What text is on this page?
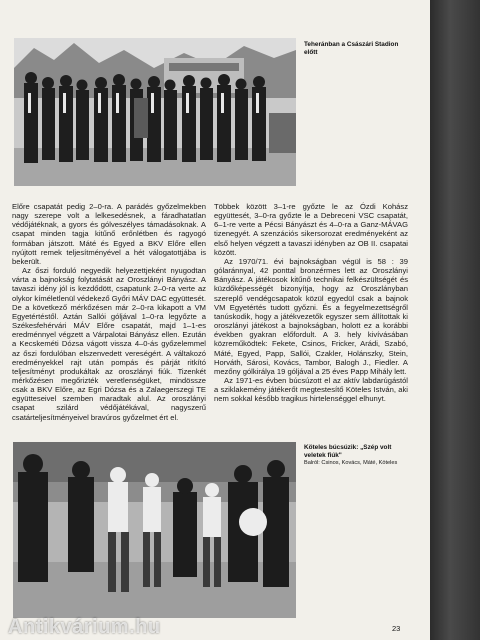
Teheránban a Császári Stadion előtt

Előre csapatát pedig 2–0-ra. A parádés győzelmekben nagy szerepe volt a lelkesedésnek, a fáradhatatlan védőjátéknak, a gyors és gólveszélyes támadásoknak. A csapat minden tagja kitűnő erőnlétben és ragyogó formában játszott. Máté és Egyed a BKV Előre ellen nyújtott remek teljesítményével a hét válogatottjába is bekerült.

Az őszi forduló negyedik helyezettjeként nyugodtan várta a bajnokság folytatását az Oroszlányi Bányász. A tavaszi idény jól is kezdődött, csapatunk 2–0-ra verte az olykor kíméletlenül védekező Győri MÁV DAC együttesét. De a következő mérkőzésen már 2–0-ra kikapott a VM Egyetértéstől. Aztán Sallói góljával 1–0-ra legyőzte a Székesfehérvári MÁV Előre csapatát, majd 1–1-es eredménnyel végzett a Várpalotai Bányász ellen. Ezután a Kecskeméti Dózsa vágott vissza 4–0-ás győzelemmel az őszi fordulóban elszenvedett vereségért. A váltakozó eredményekkel rajt után pompás és párját ritkító teljesítményt produkáltak az oroszlányi fiúk. Tizenkét mérkőzésen megőrizték veretlenségüket, mindössze csak a BKV Előre, az Egri Dózsa és a Zalaegerszegi TE együtteseivel szemben maradtak alul. Az oroszlányi csapat szilárd védőjátékával, nagyszerű csatárteljesítményeivel bravúros győzelmet ért el.

Többek között 3–1-re győzte le az Ózdi Kohász együttesét, 3–0-ra győzte le a Debreceni VSC csapatát, 6–1-re verte a Pécsi Bányászt és 4–0-ra a Ganz-MÁVAG tizenegyét. A szenzációs sikersorozat eredményeként az első helyen végzett a tavaszi idényben az OB II. csapatai között.

Az 1970/71. évi bajnokságban végül is 58 : 39 gólaránnyal, 42 ponttal bronzérmes lett az Oroszlányi Bányász. A játékosok kitűnő technikai felkészültségét és küzdőképességét bizonyítja, hogy az Oroszlányban szereplő vendégcsapatok közül egyedül csak a bajnok VM Egyetértés tudott győzni. És a fegyelmezettségről tanúskodik, hogy a játékvezetők egyszer sem állítottak ki oroszlányi játékost a bajnokságban, holott ez a korábbi években gyakran előfordult. A 3. hely kivívásában közreműködtek: Fekete, Csinos, Fricker, Arádi, Szabó, Máté, Egyed, Papp, Sallói, Czakler, Holánszky, Stein, Horváth, Sárosi, Kovács, Tambor, Balogh J., Fiedler. A mezőny gólkirálya 19 góljával a 25 éves Papp Mihály lett.

Az 1971-es évben búcsúzott el az aktív labdarúgástól a sziklakemény játékerőt megtestesítő Köteles István, aki nem sokkal később tragikus hirtelenséggel elhunyt.

Köteles búcsúzik: „Szép volt veletek fiúk"
Balról: Csinos, Kovács, Máté, Köteles
23
Antikvárium.hu
